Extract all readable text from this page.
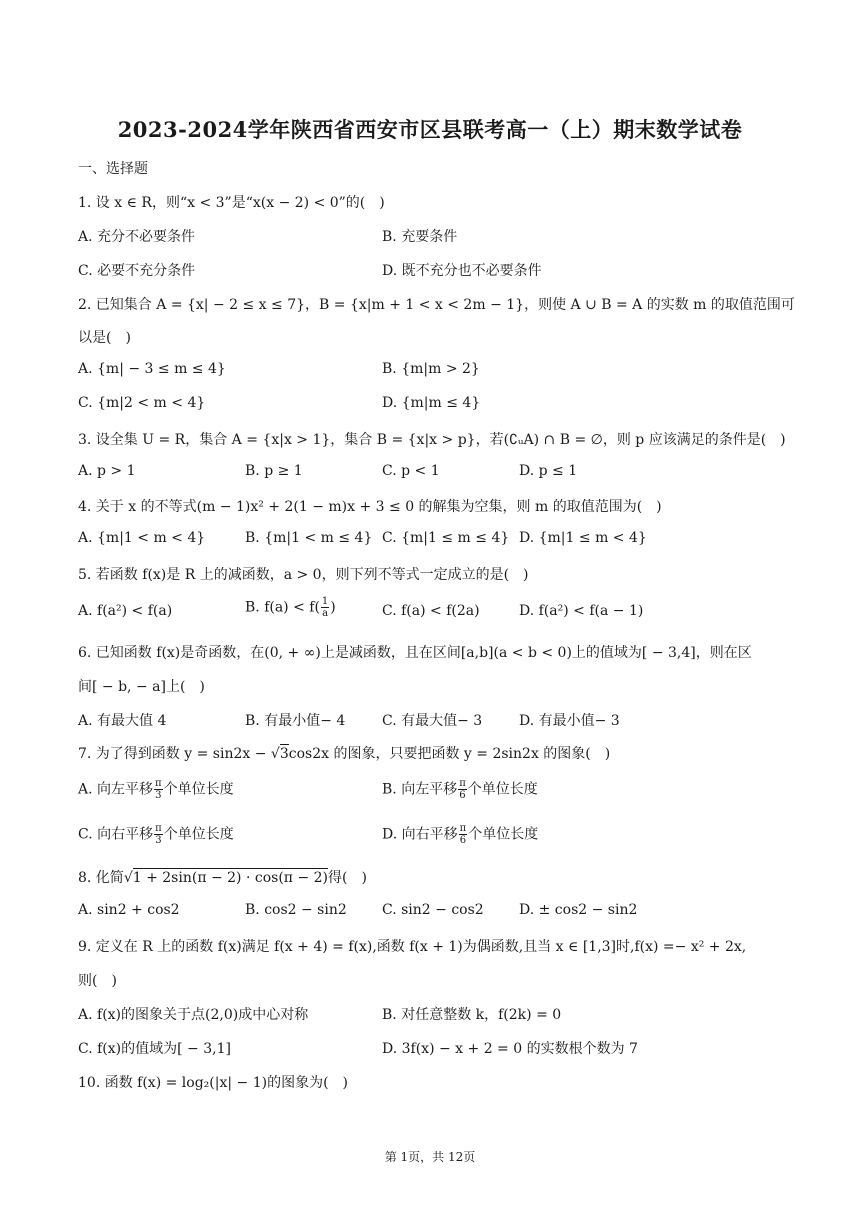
2023-2024学年陕西省西安市区县联考高一（上）期末数学试卷
一、选择题
1. 设 x ∈ R，则“x < 3”是“x(x − 2) < 0”的(　)
A. 充分不必要条件	B. 充要条件
C. 必要不充分条件	D. 既不充分也不必要条件
2. 已知集合 A = {x| − 2 ≤ x ≤ 7}，B = {x|m + 1 < x < 2m − 1}，则使 A ∪ B = A 的实数 m 的取值范围可
以是(　)
A. {m| − 3 ≤ m ≤ 4}	B. {m|m > 2}
C. {m|2 < m < 4}	D. {m|m ≤ 4}
3. 设全集 U = R，集合 A = {x|x > 1}，集合 B = {x|x > p}，若(∁ᵤA) ∩ B = ∅，则 p 应该满足的条件是(　)
A. p > 1	B. p ≥ 1	C. p < 1	D. p ≤ 1
4. 关于 x 的不等式(m − 1)x² + 2(1 − m)x + 3 ≤ 0 的解集为空集，则 m 的取值范围为(　)
A. {m|1 < m < 4}	B. {m|1 < m ≤ 4} C. {m|1 ≤ m ≤ 4} D. {m|1 ≤ m < 4}
5. 若函数 f(x)是 R 上的减函数，a > 0，则下列不等式一定成立的是(　)
A. f(a²) < f(a)	B. $f(a) < f( \frac{1}{a}$ )	C. f(a) < f(2a)	D. f(a²) < f(a − 1)
6. 已知函数 f(x)是奇函数，在(0, + ∞)上是减函数，且在区间[a,b](a < b < 0)上的值域为[ − 3,4]，则在区
间[ − b, − a]上(　)
A. 有最大值 4	B. 有最小值− 4	C. 有最大值− 3	D. 有最小值− 3
7. 为了得到函数 y = sin2x − √3cos2x 的图象，只要把函数 y = 2sin2x 的图象(　)
A. 向左平移 $\frac{\pi}{3}$ 个单位长度	B. 向左平移 $\frac{\pi}{6}$ 个单位长度
C. 向右平移 $\frac{\pi}{3}$ 个单位长度	D. 向右平移 $\frac{\pi}{6}$ 个单位长度
8. 化简√1 + 2sin(π − 2) · cos(π − 2)得(　)
A. sin2 + cos2	B. cos2 − sin2	C. sin2 − cos2	D. ± cos2 − sin2
9. 定义在 R 上的函数 f(x)满足 f(x + 4) = f(x),函数 f(x + 1)为偶函数,且当 x ∈ [1,3]时,f(x) =− x² + 2x,
则(　)
A. f(x)的图象关于点(2,0)成中心对称	B. 对任意整数 k，f(2k) = 0
C. f(x)的值域为[ − 3,1]	D. 3f(x) − x + 2 = 0 的实数根个数为 7
10. 函数 f(x) = log₂(|x| − 1)的图象为(　)
第 1页，共 12页
